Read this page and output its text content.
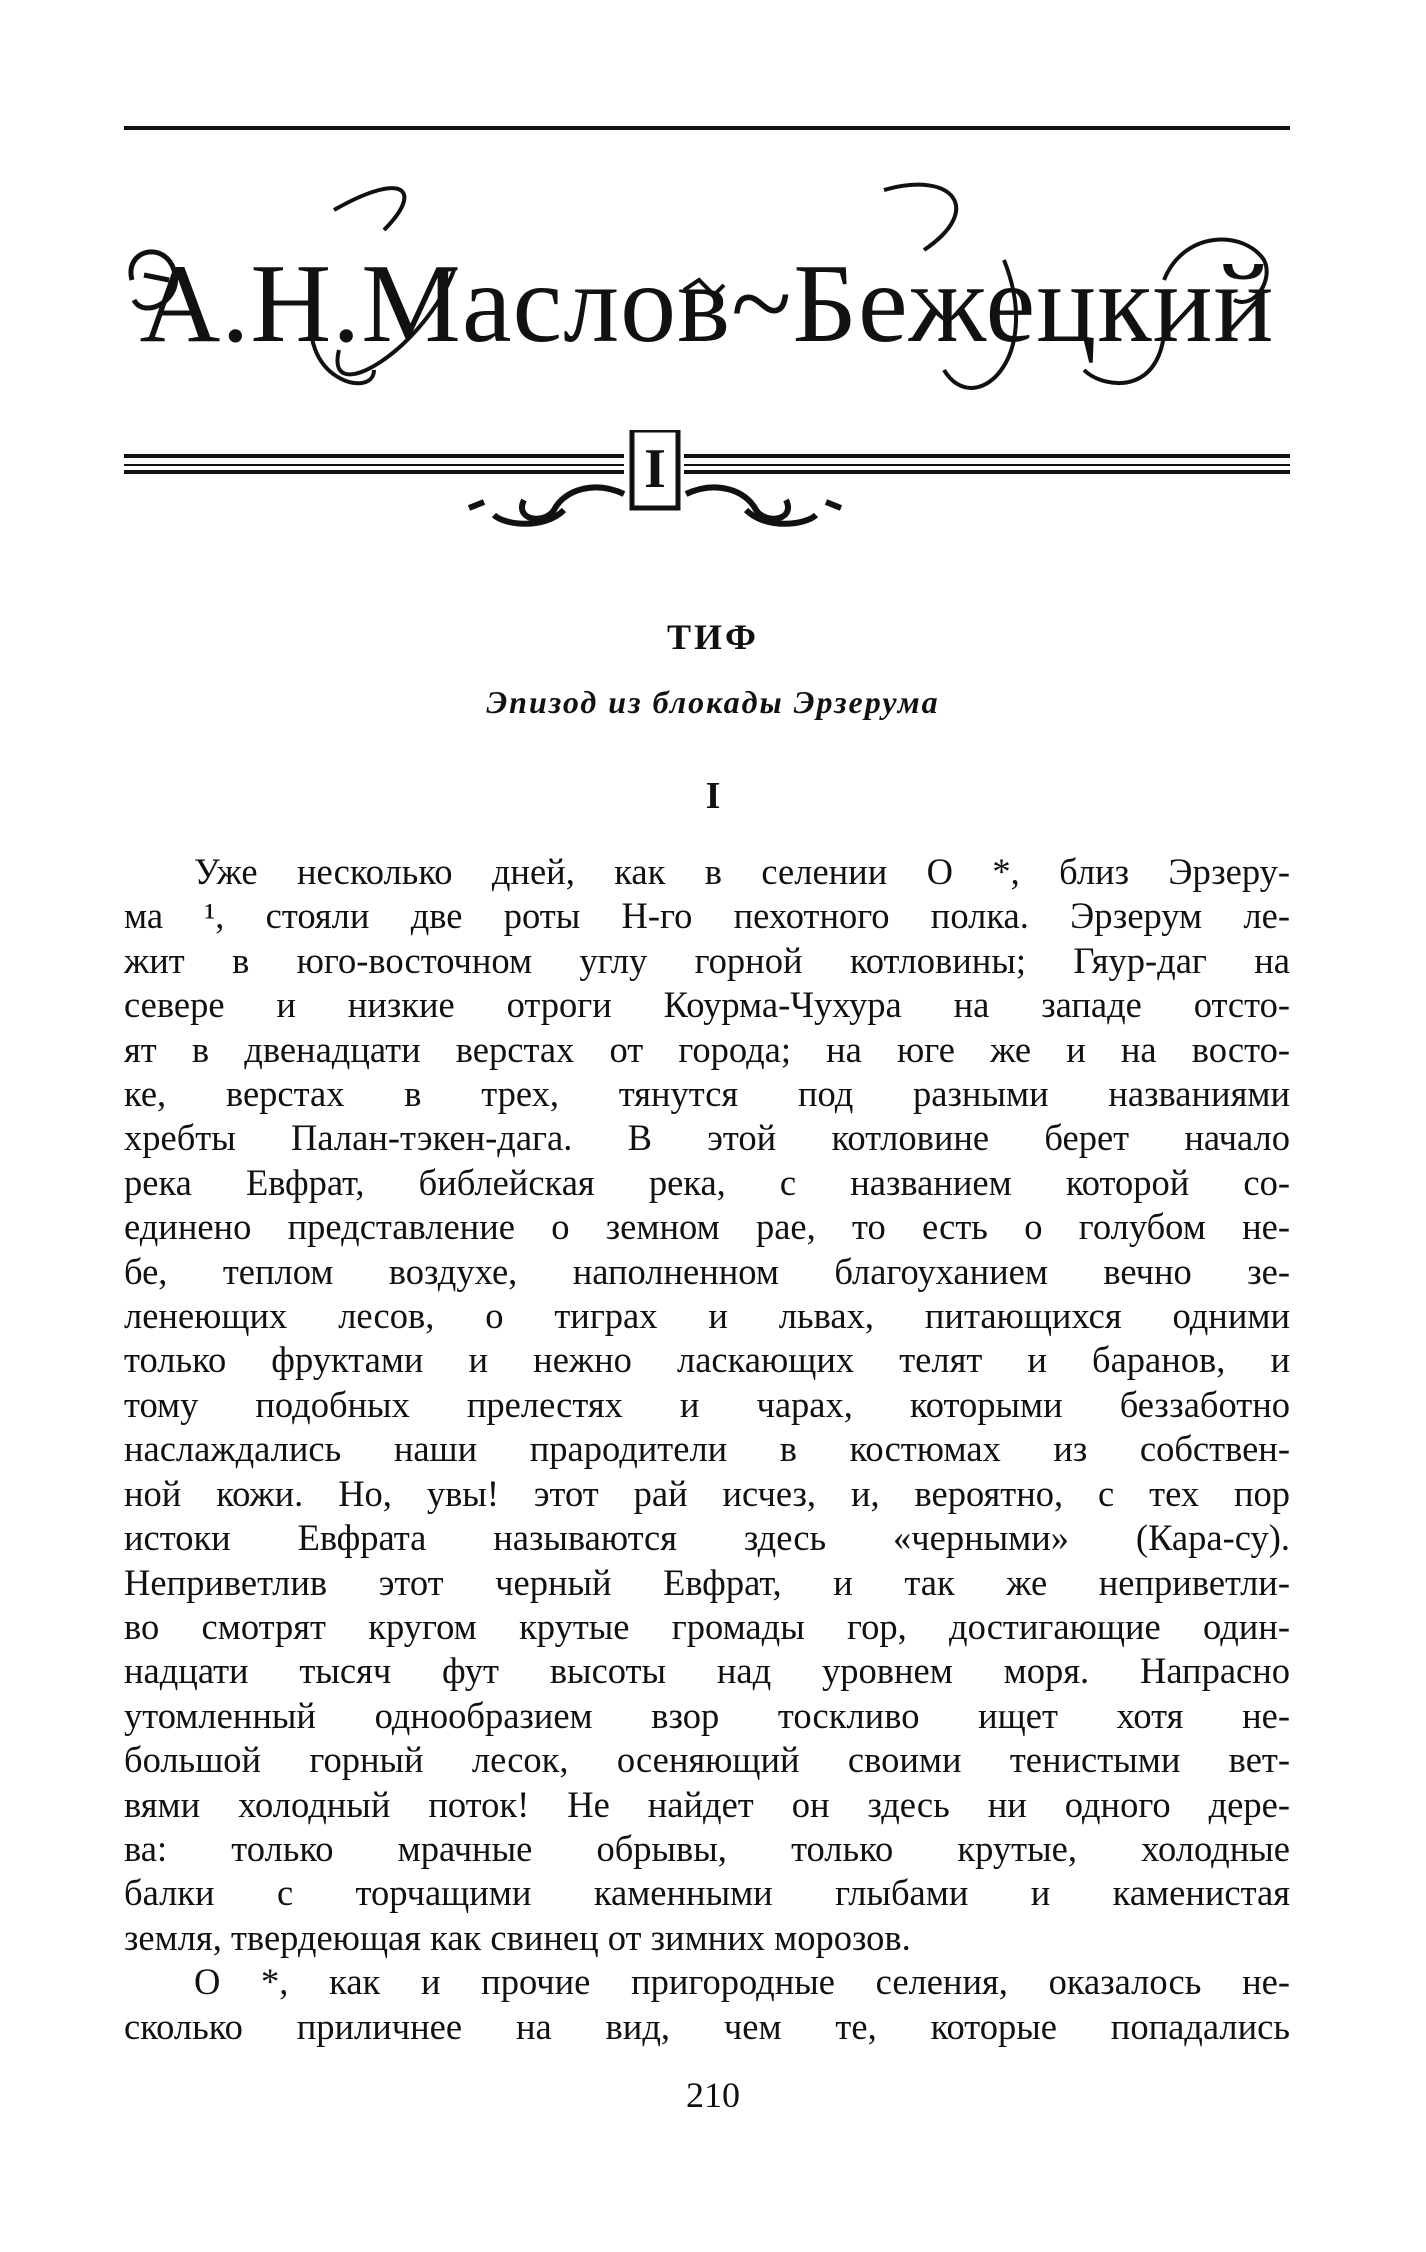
А.Н.Маслов~Бежецкий
I
ТИФ
Эпизод из блокады Эрзерума
I
Уже несколько дней, как в селении О *, близ Эрзеру-
ма ¹, стояли две роты Н-го пехотного полка. Эрзерум ле-
жит в юго-восточном углу горной котловины; Гяур-даг на
севере и низкие отроги Коурма-Чухура на западе отсто-
ят в двенадцати верстах от города; на юге же и на восто-
ке, верстах в трех, тянутся под разными названиями
хребты Палан-тэкен-дага. В этой котловине берет начало
река Евфрат, библейская река, с названием которой со-
единено представление о земном рае, то есть о голубом не-
бе, теплом воздухе, наполненном благоуханием вечно зе-
ленеющих лесов, о тиграх и львах, питающихся одними
только фруктами и нежно ласкающих телят и баранов, и
тому подобных прелестях и чарах, которыми беззаботно
наслаждались наши прародители в костюмах из собствен-
ной кожи. Но, увы! этот рай исчез, и, вероятно, с тех пор
истоки Евфрата называются здесь «черными» (Кара-су).
Неприветлив этот черный Евфрат, и так же неприветли-
во смотрят кругом крутые громады гор, достигающие один-
надцати тысяч фут высоты над уровнем моря. Напрасно
утомленный однообразием взор тоскливо ищет хотя не-
большой горный лесок, осеняющий своими тенистыми вет-
вями холодный поток! Не найдет он здесь ни одного дере-
ва: только мрачные обрывы, только крутые, холодные
балки с торчащими каменными глыбами и каменистая
земля, твердеющая как свинец от зимних морозов.
О *, как и прочие пригородные селения, оказалось не-
сколько приличнее на вид, чем те, которые попадались
210
